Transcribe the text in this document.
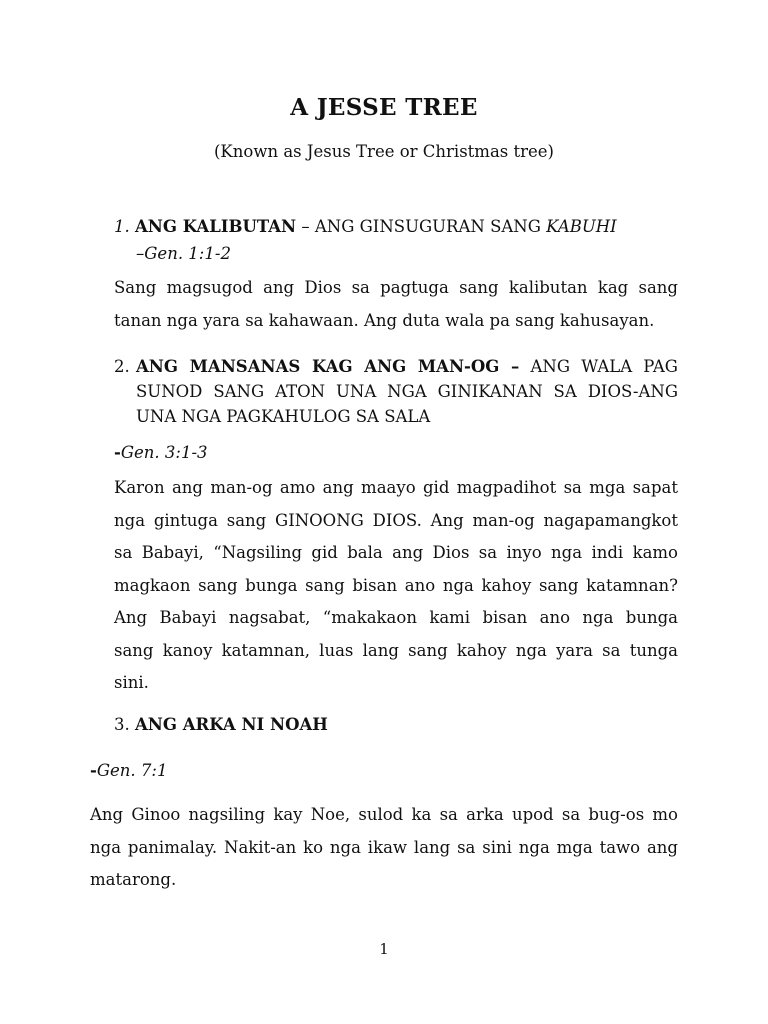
A JESSE TREE
(Known as Jesus Tree or Christmas tree)
1. ANG KALIBUTAN – ANG GINSUGURAN SANG KABUHI
–Gen. 1:1-2
Sang magsugod ang Dios sa pagtuga sang kalibutan kag sang
tanan nga yara sa kahawaan. Ang duta wala pa sang kahusayan.
2. ANG MANSANAS KAG ANG MAN-OG – ANG WALA PAG
SUNOD SANG ATON UNA NGA GINIKANAN SA DIOS-ANG
UNA NGA PAGKAHULOG SA SALA
-Gen. 3:1-3
Karon ang man-og amo ang maayo gid magpadihot sa mga sapat
nga gintuga sang GINOONG DIOS. Ang man-og nagapamangkot
sa Babayi, “Nagsiling gid bala ang Dios sa inyo nga indi kamo
magkaon sang bunga sang bisan ano nga kahoy sang katamnan?
Ang Babayi nagsabat, “makakaon kami bisan ano nga bunga
sang kanoy katamnan, luas lang sang kahoy nga yara sa tunga
sini.
3. ANG ARKA NI NOAH
-Gen. 7:1
Ang Ginoo nagsiling kay Noe, sulod ka sa arka upod sa bug-os mo
nga panimalay. Nakit-an ko nga ikaw lang sa sini nga mga tawo ang
matarong.
1
